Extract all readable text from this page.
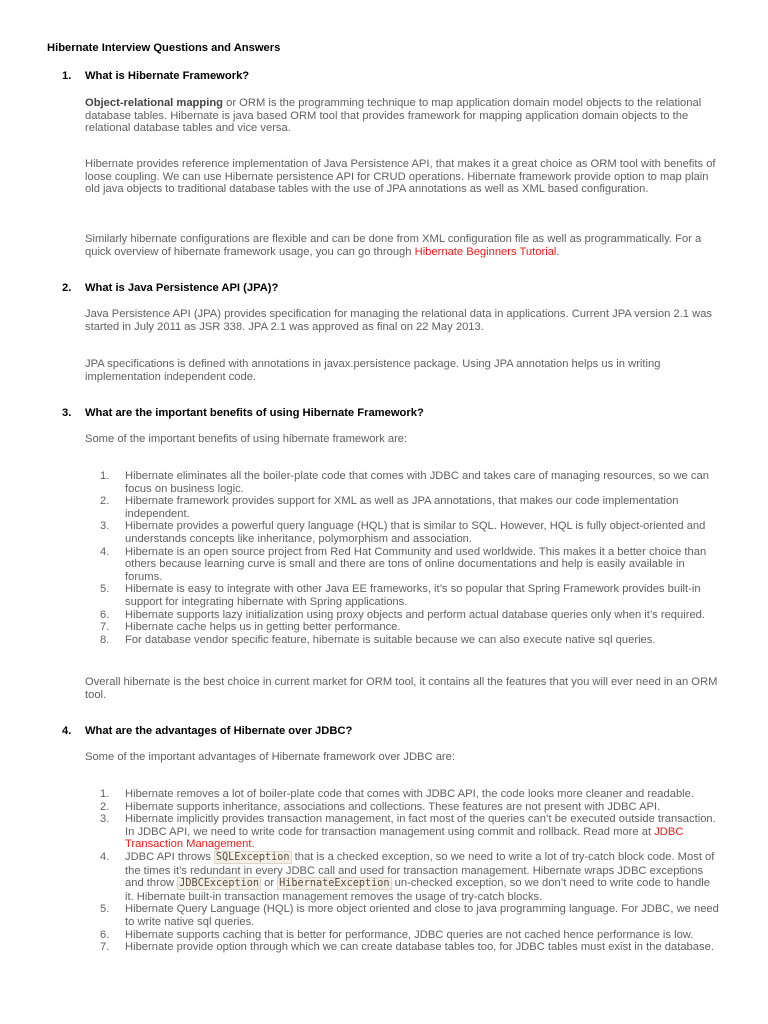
Hibernate Interview Questions and Answers
1. What is Hibernate Framework?

Object-relational mapping or ORM is the programming technique to map application domain model objects to the relational database tables. Hibernate is java based ORM tool that provides framework for mapping application domain objects to the relational database tables and vice versa.

Hibernate provides reference implementation of Java Persistence API, that makes it a great choice as ORM tool with benefits of loose coupling. We can use Hibernate persistence API for CRUD operations. Hibernate framework provide option to map plain old java objects to traditional database tables with the use of JPA annotations as well as XML based configuration.

Similarly hibernate configurations are flexible and can be done from XML configuration file as well as programmatically. For a quick overview of hibernate framework usage, you can go through Hibernate Beginners Tutorial.

2. What is Java Persistence API (JPA)?

Java Persistence API (JPA) provides specification for managing the relational data in applications. Current JPA version 2.1 was started in July 2011 as JSR 338. JPA 2.1 was approved as final on 22 May 2013.

JPA specifications is defined with annotations in javax.persistence package. Using JPA annotation helps us in writing implementation independent code.

3. What are the important benefits of using Hibernate Framework?

Some of the important benefits of using hibernate framework are:

1. Hibernate eliminates all the boiler-plate code that comes with JDBC and takes care of managing resources, so we can focus on business logic.
2. Hibernate framework provides support for XML as well as JPA annotations, that makes our code implementation independent.
3. Hibernate provides a powerful query language (HQL) that is similar to SQL. However, HQL is fully object-oriented and understands concepts like inheritance, polymorphism and association.
4. Hibernate is an open source project from Red Hat Community and used worldwide. This makes it a better choice than others because learning curve is small and there are tons of online documentations and help is easily available in forums.
5. Hibernate is easy to integrate with other Java EE frameworks, it’s so popular that Spring Framework provides built-in support for integrating hibernate with Spring applications.
6. Hibernate supports lazy initialization using proxy objects and perform actual database queries only when it’s required.
7. Hibernate cache helps us in getting better performance.
8. For database vendor specific feature, hibernate is suitable because we can also execute native sql queries.

Overall hibernate is the best choice in current market for ORM tool, it contains all the features that you will ever need in an ORM tool.

4. What are the advantages of Hibernate over JDBC?

Some of the important advantages of Hibernate framework over JDBC are:

1. Hibernate removes a lot of boiler-plate code that comes with JDBC API, the code looks more cleaner and readable.
2. Hibernate supports inheritance, associations and collections. These features are not present with JDBC API.
3. Hibernate implicitly provides transaction management, in fact most of the queries can’t be executed outside transaction. In JDBC API, we need to write code for transaction management using commit and rollback. Read more at JDBC Transaction Management.
4. JDBC API throws SQLException that is a checked exception, so we need to write a lot of try-catch block code. Most of the times it’s redundant in every JDBC call and used for transaction management. Hibernate wraps JDBC exceptions and throw JDBCException or HibernateException un-checked exception, so we don’t need to write code to handle it. Hibernate built-in transaction management removes the usage of try-catch blocks.
5. Hibernate Query Language (HQL) is more object oriented and close to java programming language. For JDBC, we need to write native sql queries.
6. Hibernate supports caching that is better for performance, JDBC queries are not cached hence performance is low.
7. Hibernate provide option through which we can create database tables too, for JDBC tables must exist in the database.
